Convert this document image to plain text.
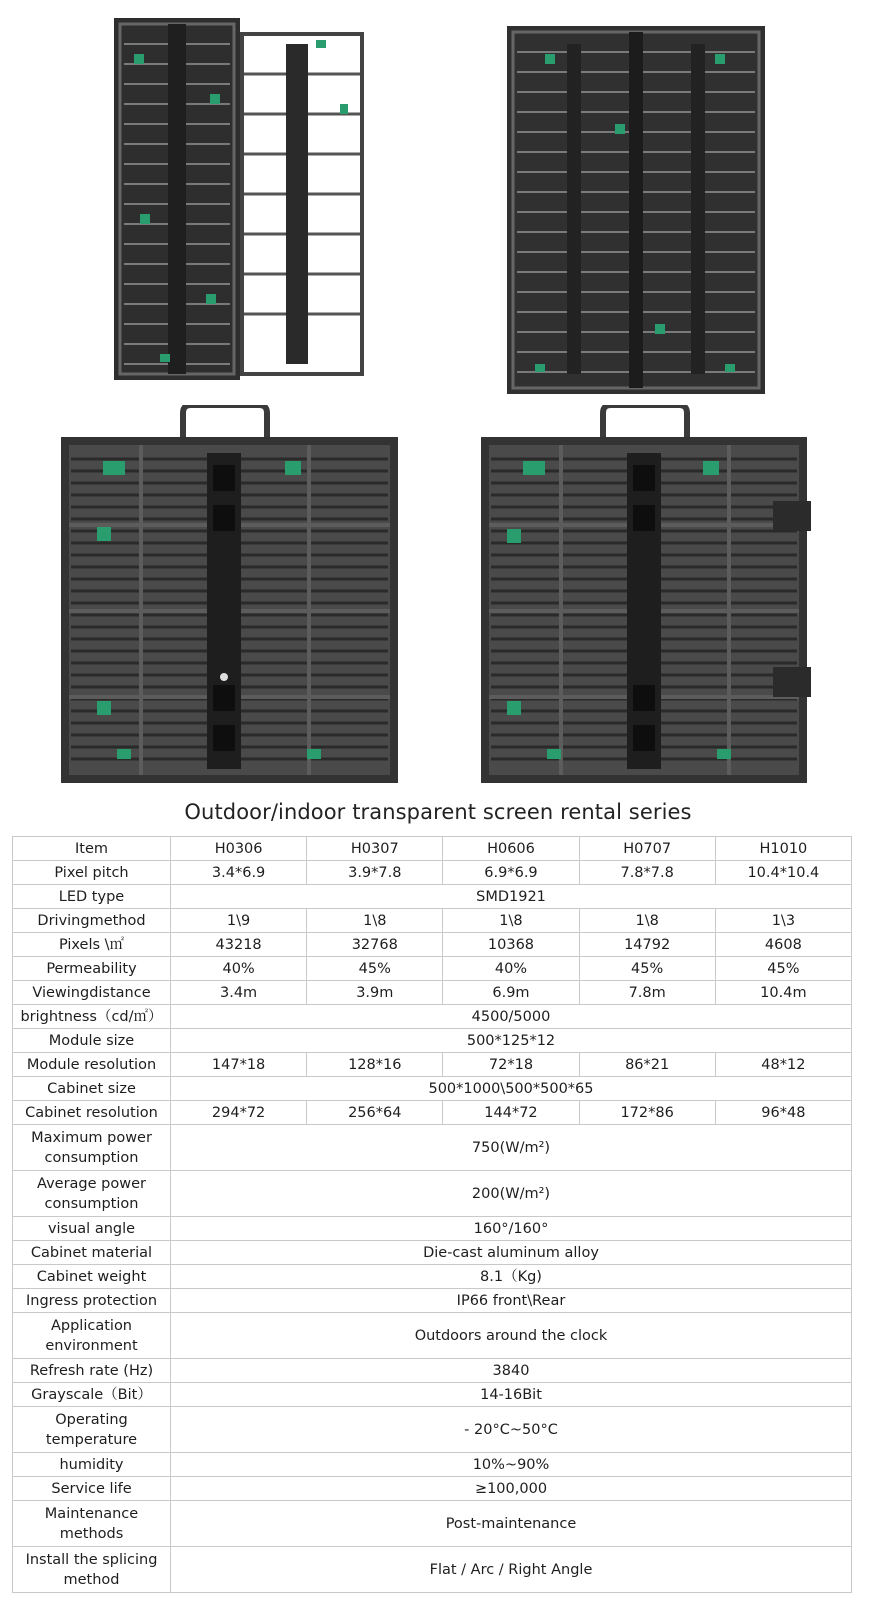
Outdoor/indoor transparent screen rental series
Item	H0306	H0307	H0606	H0707	H1010
Pixel pitch	3.4*6.9	3.9*7.8	6.9*6.9	7.8*7.8	10.4*10.4
LED type	SMD1921				
Drivingmethod	1\9	1\8	1\8	1\8	1\3
Pixels \㎡	43218	32768	10368	14792	4608
Permeability	40%	45%	40%	45%	45%
Viewingdistance	3.4m	3.9m	6.9m	7.8m	10.4m
brightness（cd/㎡）	4500/5000				
Module size	500*125*12				
Module resolution	147*18	128*16	72*18	86*21	48*12
Cabinet size	500*1000\500*500*65				
Cabinet resolution	294*72	256*64	144*72	172*86	96*48
Maximum power consumption	750(W/m²)				
Average power consumption	200(W/m²)				
visual angle	160°/160°				
Cabinet material	Die-cast aluminum alloy				
Cabinet weight	8.1（Kg)				
Ingress protection	IP66 front\Rear				
Application environment	Outdoors around the clock				
Refresh rate (Hz)	3840				
Grayscale（Bit）	14-16Bit				
Operating temperature	- 20°C~50°C				
humidity	10%~90%				
Service life	≥100,000				
Maintenance methods	Post-maintenance				
Install the splicing method	Flat / Arc / Right Angle				
